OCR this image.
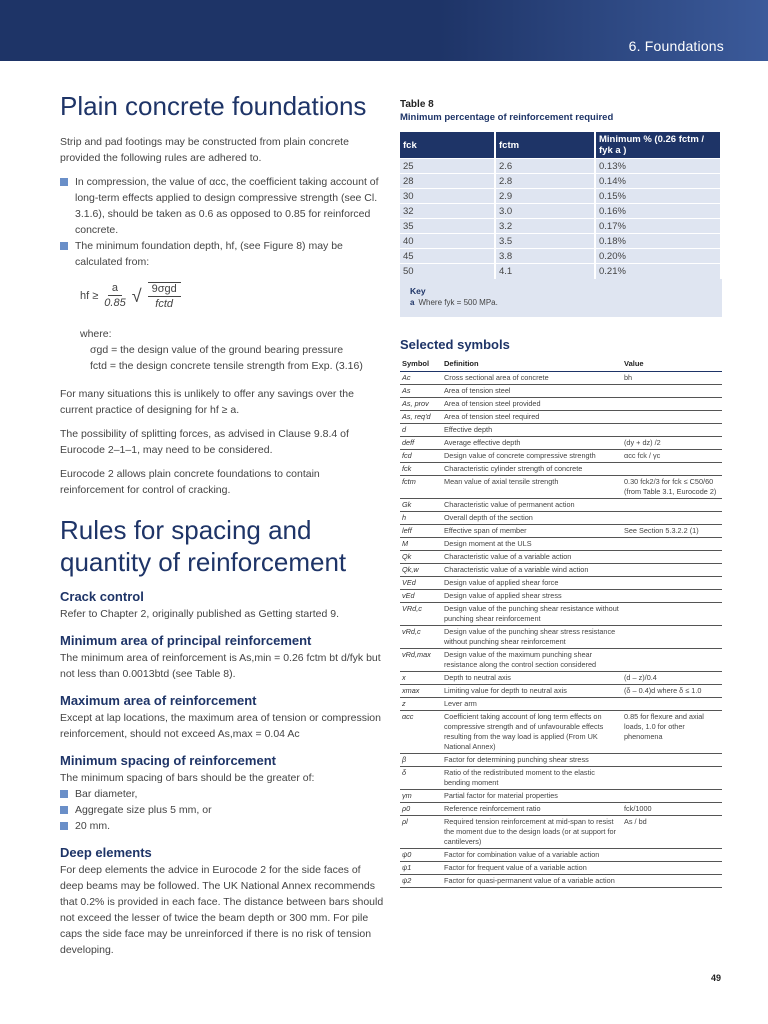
6. Foundations
Plain concrete foundations

Strip and pad footings may be constructed from plain concrete provided the following rules are adhered to.

In compression, the value of αcc, the coefficient taking account of long-term effects applied to design compressive strength (see Cl. 3.1.6), should be taken as 0.6 as opposed to 0.85 for reinforced concrete.
The minimum foundation depth, hf, (see Figure 8) may be calculated from:
hf ≥ $\frac{a}{0.85}$ √ $\frac{\text{9σgd}}{\text{fctd}}$
where:
σgd = the design value of the ground bearing pressure
fctd = the design concrete tensile strength from Exp. (3.16)

For many situations this is unlikely to offer any savings over the current practice of designing for hf ≥ a.

The possibility of splitting forces, as advised in Clause 9.8.4 of Eurocode 2–1–1, may need to be considered.

Eurocode 2 allows plain concrete foundations to contain reinforcement for control of cracking.

Rules for spacing and quantity of reinforcement
Crack control

Refer to Chapter 2, originally published as Getting started 9.

Minimum area of principal reinforcement

The minimum area of reinforcement is As,min = 0.26 fctm bt d/fyk but not less than 0.0013btd (see Table 8).

Maximum area of reinforcement

Except at lap locations, the maximum area of tension or compression reinforcement, should not exceed As,max = 0.04 Ac

Minimum spacing of reinforcement
The minimum spacing of bars should be the greater of:
Bar diameter,
Aggregate size plus 5 mm, or
20 mm.
Deep elements

For deep elements the advice in Eurocode 2 for the side faces of deep beams may be followed. The UK National Annex recommends that 0.2% is provided in each face. The distance between bars should not exceed the lesser of twice the beam depth or 300 mm. For pile caps the side face may be unreinforced if there is no risk of tension developing.

Table 8
Minimum percentage of reinforcement required
fck	fctm	Minimum % (0.26 fctm / fyk a )
25	2.6	0.13%
28	2.8	0.14%
30	2.9	0.15%
32	3.0	0.16%
35	3.2	0.17%
40	3.5	0.18%
45	3.8	0.20%
50	4.1	0.21%
Key
a Where fyk = 500 MPa.
Selected symbols
Symbol	Definition	Value
Ac	Cross sectional area of concrete	bh
As	Area of tension steel	
As, prov	Area of tension steel provided	
As, req'd	Area of tension steel required	
d	Effective depth	
deff	Average effective depth	(dy + dz) /2
fcd	Design value of concrete compressive strength	αcc fck / γc
fck	Characteristic cylinder strength of concrete	
fctm	Mean value of axial tensile strength	0.30 fck2/3 for fck ≤ C50/60 (from Table 3.1, Eurocode 2)
Gk	Characteristic value of permanent action	
h	Overall depth of the section	
leff	Effective span of member	See Section 5.3.2.2 (1)
M	Design moment at the ULS	
Qk	Characteristic value of a variable action	
Qk,w	Characteristic value of a variable wind action	
VEd	Design value of applied shear force	
vEd	Design value of applied shear stress	
VRd,c	Design value of the punching shear resistance without punching shear reinforcement	
vRd,c	Design value of the punching shear stress resistance without punching shear reinforcement	
vRd,max	Design value of the maximum punching shear resistance along the control section considered	
x	Depth to neutral axis	(d – z)/0.4
xmax	Limiting value for depth to neutral axis	(δ – 0.4)d where δ ≤ 1.0
z	Lever arm	
αcc	Coefficient taking account of long term effects on compressive strength and of unfavourable effects resulting from the way load is applied (From UK National Annex)	0.85 for flexure and axial loads, 1.0 for other phenomena
β	Factor for determining punching shear stress	
δ	Ratio of the redistributed moment to the elastic bending moment	
γm	Partial factor for material properties	
ρ0	Reference reinforcement ratio	fck/1000
ρl	Required tension reinforcement at mid-span to resist the moment due to the design loads (or at support for cantilevers)	As / bd
ψ0	Factor for combination value of a variable action	
ψ1	Factor for frequent value of a variable action	
ψ2	Factor for quasi-permanent value of a variable action	
49
